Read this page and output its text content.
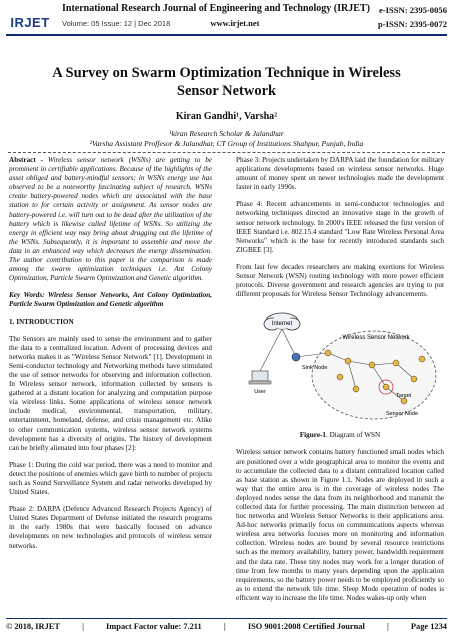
IRJET
International Research Journal of Engineering and Technology (IRJET)	e-ISSN: 2395-0056
p-ISSN: 2395-0072
Volume: 05 Issue: 12 | Dec 2018	www.irjet.net
A Survey on Swarm Optimization Technique in Wireless Sensor Network
Kiran Gandhi¹, Varsha²
¹kiran Research Scholar & Jalandhar
²Varsha Assistant Proffesor & Jalandhar, CT Group of Institutions Shahpur, Punjab, India

Abstract - Wireless sensor network (WSNs) are getting to be prominent in certifiable applications. Because of the highlights of the asset obliged and battery-mindful sensors; in WSNs energy use has observed to be a noteworthy fascinating subject of research. WSNs create battery-powered nodes which are associated with the base station to for certain activity or assignment. As sensor nodes are battery-powered i.e. will turn out to be dead after the utilization of the battery which is likewise called lifetime of WSNs. So utilizing the energy in efficient way may bring about dragging out the lifetime of the WSNs. Subsequently, it is important to assemble and move the data in an enhanced way which decreases the energy dissemination. The author contribution to this paper is the comparison is made among the swarm optimization techniques i.e. Ant Colony Optimization, Particle Swarm Optimization and Genetic algorithm.

Key Words: Wireless Sensor Networks, Ant Colony Optimization, Particle Swarm Optimization and Genetic algorithm

1. INTRODUCTION

The Sensors are mainly used to sense the environment and to gather the data to a centralized location. Advent of processing devices and networks makes it as "Wireless Sensor Network" [1]. Development in Semi-conductor technology and Networking methods have stimulated the use of sensor networks for observing and information collection. In Wireless sensor network, information collected by sensors is gathered at a distant location for analyzing and computation purpose via wireless links. Some applications of wireless sensor network include medical, environmental, transportation, military, entertainment, homeland, defense, and crisis management etc. Alike to other communication systems, wireless sensor network systems development has a diversity of origins. The history of development can be briefly alienated into four phases [2]:

Phase 1: During the cold war period, there was a need to monitor and detect the positions of enemies which gave birth to number of projects such as Sound Surveillance System and radar networks developed by United States.

Phase 2: DARPA (Defence Advanced Research Projects Agency) of United States Department of Defense initiated the research programs in the early 1980s that were basically focused on advance developments on new technologies and protocols of wireless sensor networks.

Phase 3: Projects undertaken by DARPA laid the foundation for military applications developments based on wireless sensor networks. Huge amount of money spent on newer technologies made the development faster in early 1990s.

Phase 4: Recent advancements in semi-conductor technologies and networking techniques directed an innovative stage in the growth of sensor network technology. In 2000's IEEE released the first version of IEEE Standard i.e. 802.15.4 standard "Low Rate Wireless Personal Area Networks" which is the base for recently introduced standards such ZIGBEE [3].

From last few decades researchers are making exertions for Wireless Sensor Network (WSN) routing technology with more power efficient protocols. Diverse government and research agencies are trying to put different proposals for Wireless Sensor Technology advancements.

Internet
Wireless Sensor Network
Sink Node
User
Target
Sensor Node

Figure-1. Diagram of WSN

Wireless sensor network contains battery functioned small nodes which are positioned over a wide geographical area to monitor the events and to accumulate the collected data to a distant centralized location called as base station as shown in Figure 1.1. Nodes are deployed in such a way that the entire area is in the coverage of wireless nodes The deployed nodes sense the data from its neighborhood and transmit the collected data for further processing. The main distinction between ad hoc networks and Wireless Sensor Networks is their applications area. Ad-hoc networks primarily focus on communications aspects whereas wireless area networks focuses more on monitoring and information collection. Wireless nodes are bound by several resource restrictions such as the memory availability, battery power, bandwidth requirement and the data rate. These tiny nodes may work for a longer duration of time from few months to many years depending upon the application requirements, so the battery power needs to be employed proficiently so as to extend the network life time. Sleep Mode operation of nodes is efficient way to increase the life time. Nodes wakes-up only when

© 2018, IRJET	|	Impact Factor value: 7.211	|	ISO 9001:2008 Certified Journal	|	Page 1234
